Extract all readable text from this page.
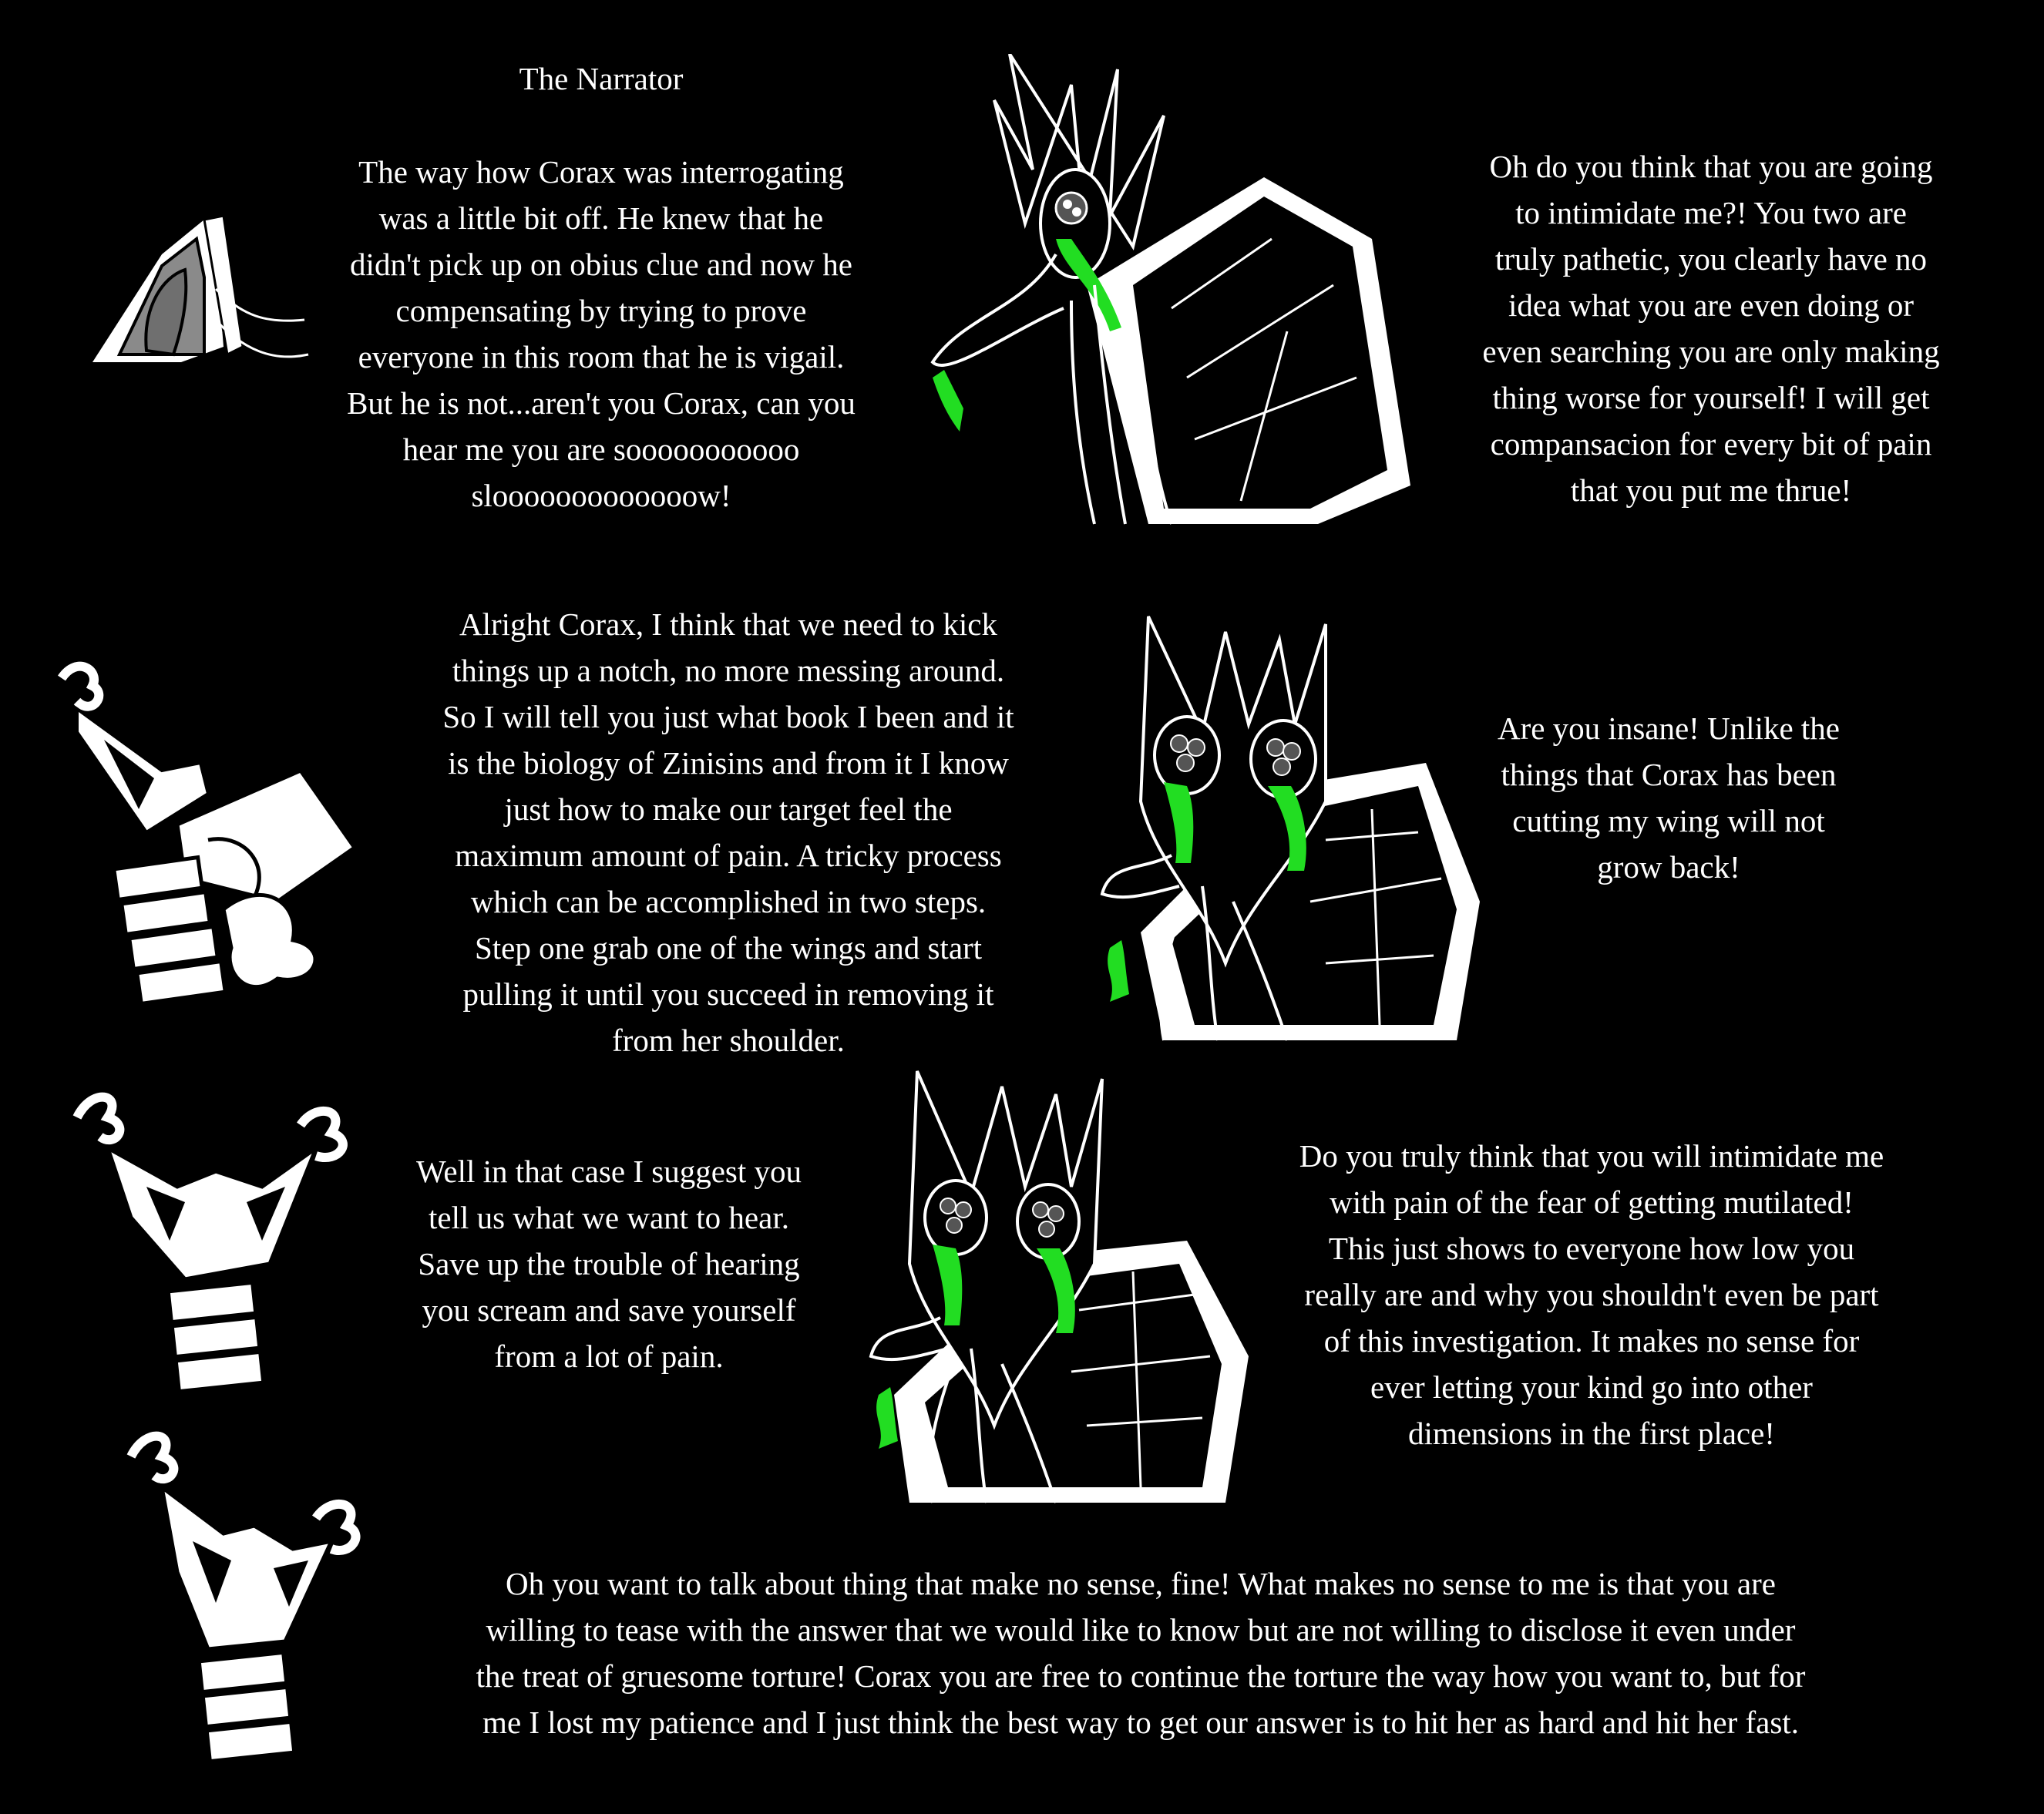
The Narrator
The way how Corax was interrogating
was a little bit off. He knew that he
didn't pick up on obius clue and now he
compensating by trying to prove
everyone in this room that he is vigail.
But he is not...aren't you Corax, can you
hear me you are sooooooooooo
slooooooooooooow!
Oh do you think that you are going
to intimidate me?! You two are
truly pathetic, you clearly have no
idea what you are even doing or
even searching you are only making
thing worse for yourself! I will get
compansacion for every bit of pain
that you put me thrue!
Alright Corax, I think that we need to kick
things up a notch, no more messing around.
So I will tell you just what book I been and it
is the biology of Zinisins and from it I know
just how to make our target feel the
maximum amount of pain. A tricky process
which can be accomplished in two steps.
Step one grab one of the wings and start
pulling it until you succeed in removing it
from her shoulder.
Are you insane! Unlike the
things that Corax has been
cutting my wing will not
grow back!
Well in that case I suggest you
tell us what we want to hear.
Save up the trouble of hearing
you scream and save yourself
from a lot of pain.
Do you truly think that you will intimidate me
with pain of the fear of getting mutilated!
This just shows to everyone how low you
really are and why you shouldn't even be part
of this investigation. It makes no sense for
ever letting your kind go into other
dimensions in the first place!
Oh you want to talk about thing that make no sense, fine! What makes no sense to me is that you are
willing to tease with the answer that we would like to know but are not willing to disclose it even under
the treat of gruesome torture! Corax you are free to continue the torture the way how you want to, but for
me I lost my patience and I just think the best way to get our answer is to hit her as hard and hit her fast.
